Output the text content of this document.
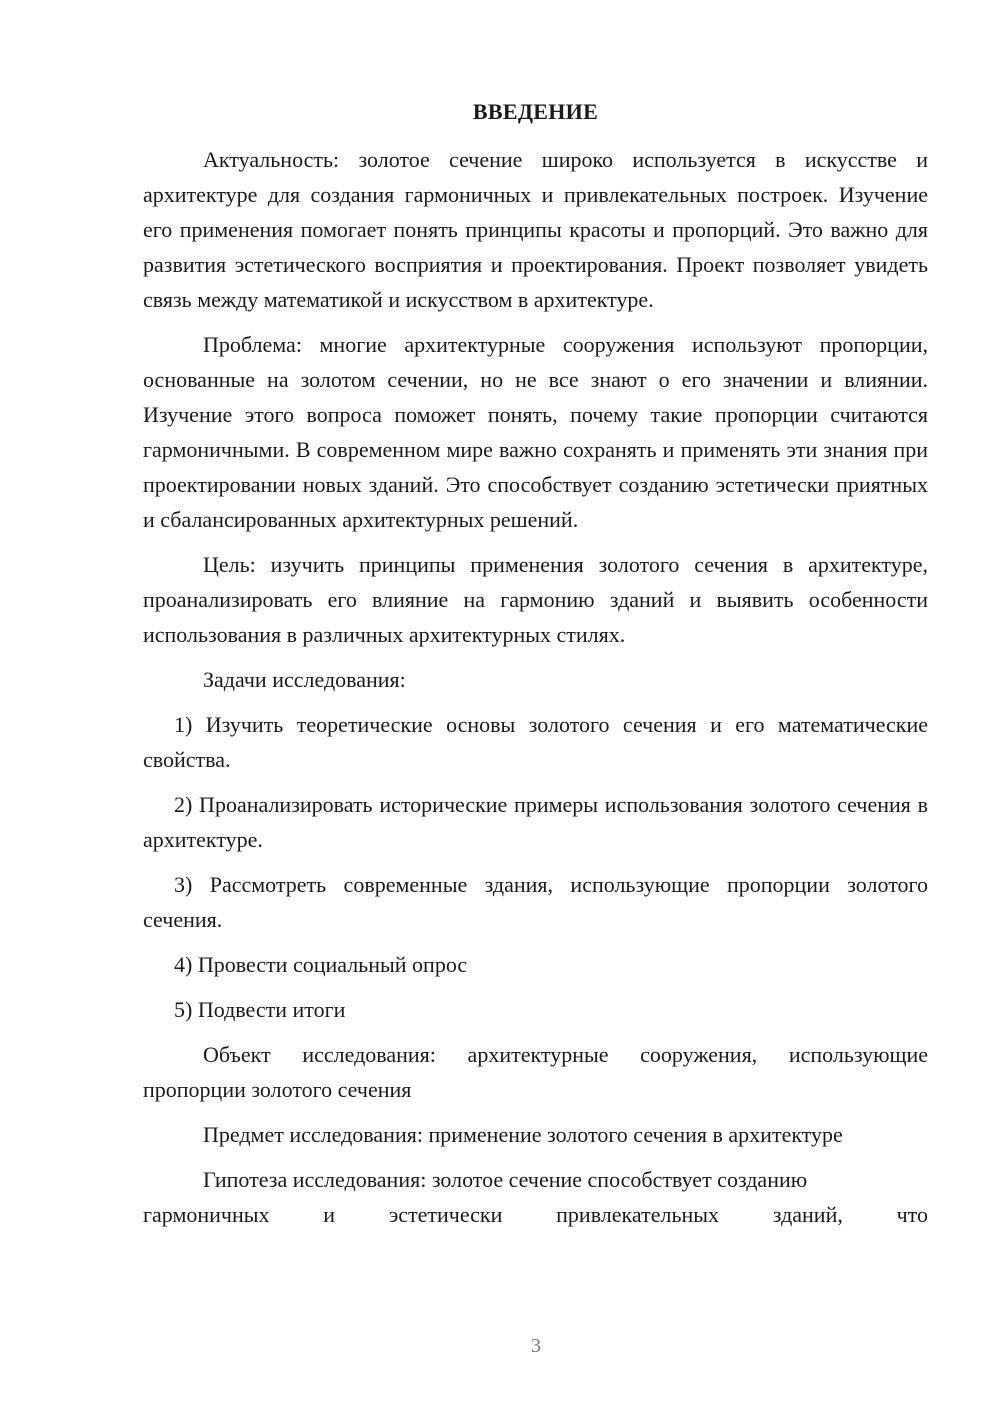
ВВЕДЕНИЕ
Актуальность: золотое сечение широко используется в искусстве и архитектуре для создания гармоничных и привлекательных построек. Изучение его применения помогает понять принципы красоты и пропорций. Это важно для развития эстетического восприятия и проектирования. Проект позволяет увидеть связь между математикой и искусством в архитектуре.
Проблема: многие архитектурные сооружения используют пропорции, основанные на золотом сечении, но не все знают о его значении и влиянии. Изучение этого вопроса поможет понять, почему такие пропорции считаются гармоничными. В современном мире важно сохранять и применять эти знания при проектировании новых зданий. Это способствует созданию эстетически приятных и сбалансированных архитектурных решений.
Цель: изучить принципы применения золотого сечения в архитектуре, проанализировать его влияние на гармонию зданий и выявить особенности использования в различных архитектурных стилях.
Задачи исследования:
1) Изучить теоретические основы золотого сечения и его математические свойства.
2) Проанализировать исторические примеры использования золотого сечения в архитектуре.
3) Рассмотреть современные здания, использующие пропорции золотого сечения.
4) Провести социальный опрос
5) Подвести итоги
Объект исследования: архитектурные сооружения, использующие пропорции золотого сечения
Предмет исследования: применение золотого сечения в архитектуре
Гипотеза исследования: золотое сечение способствует созданию
гармоничных и эстетически привлекательных зданий, что
3
